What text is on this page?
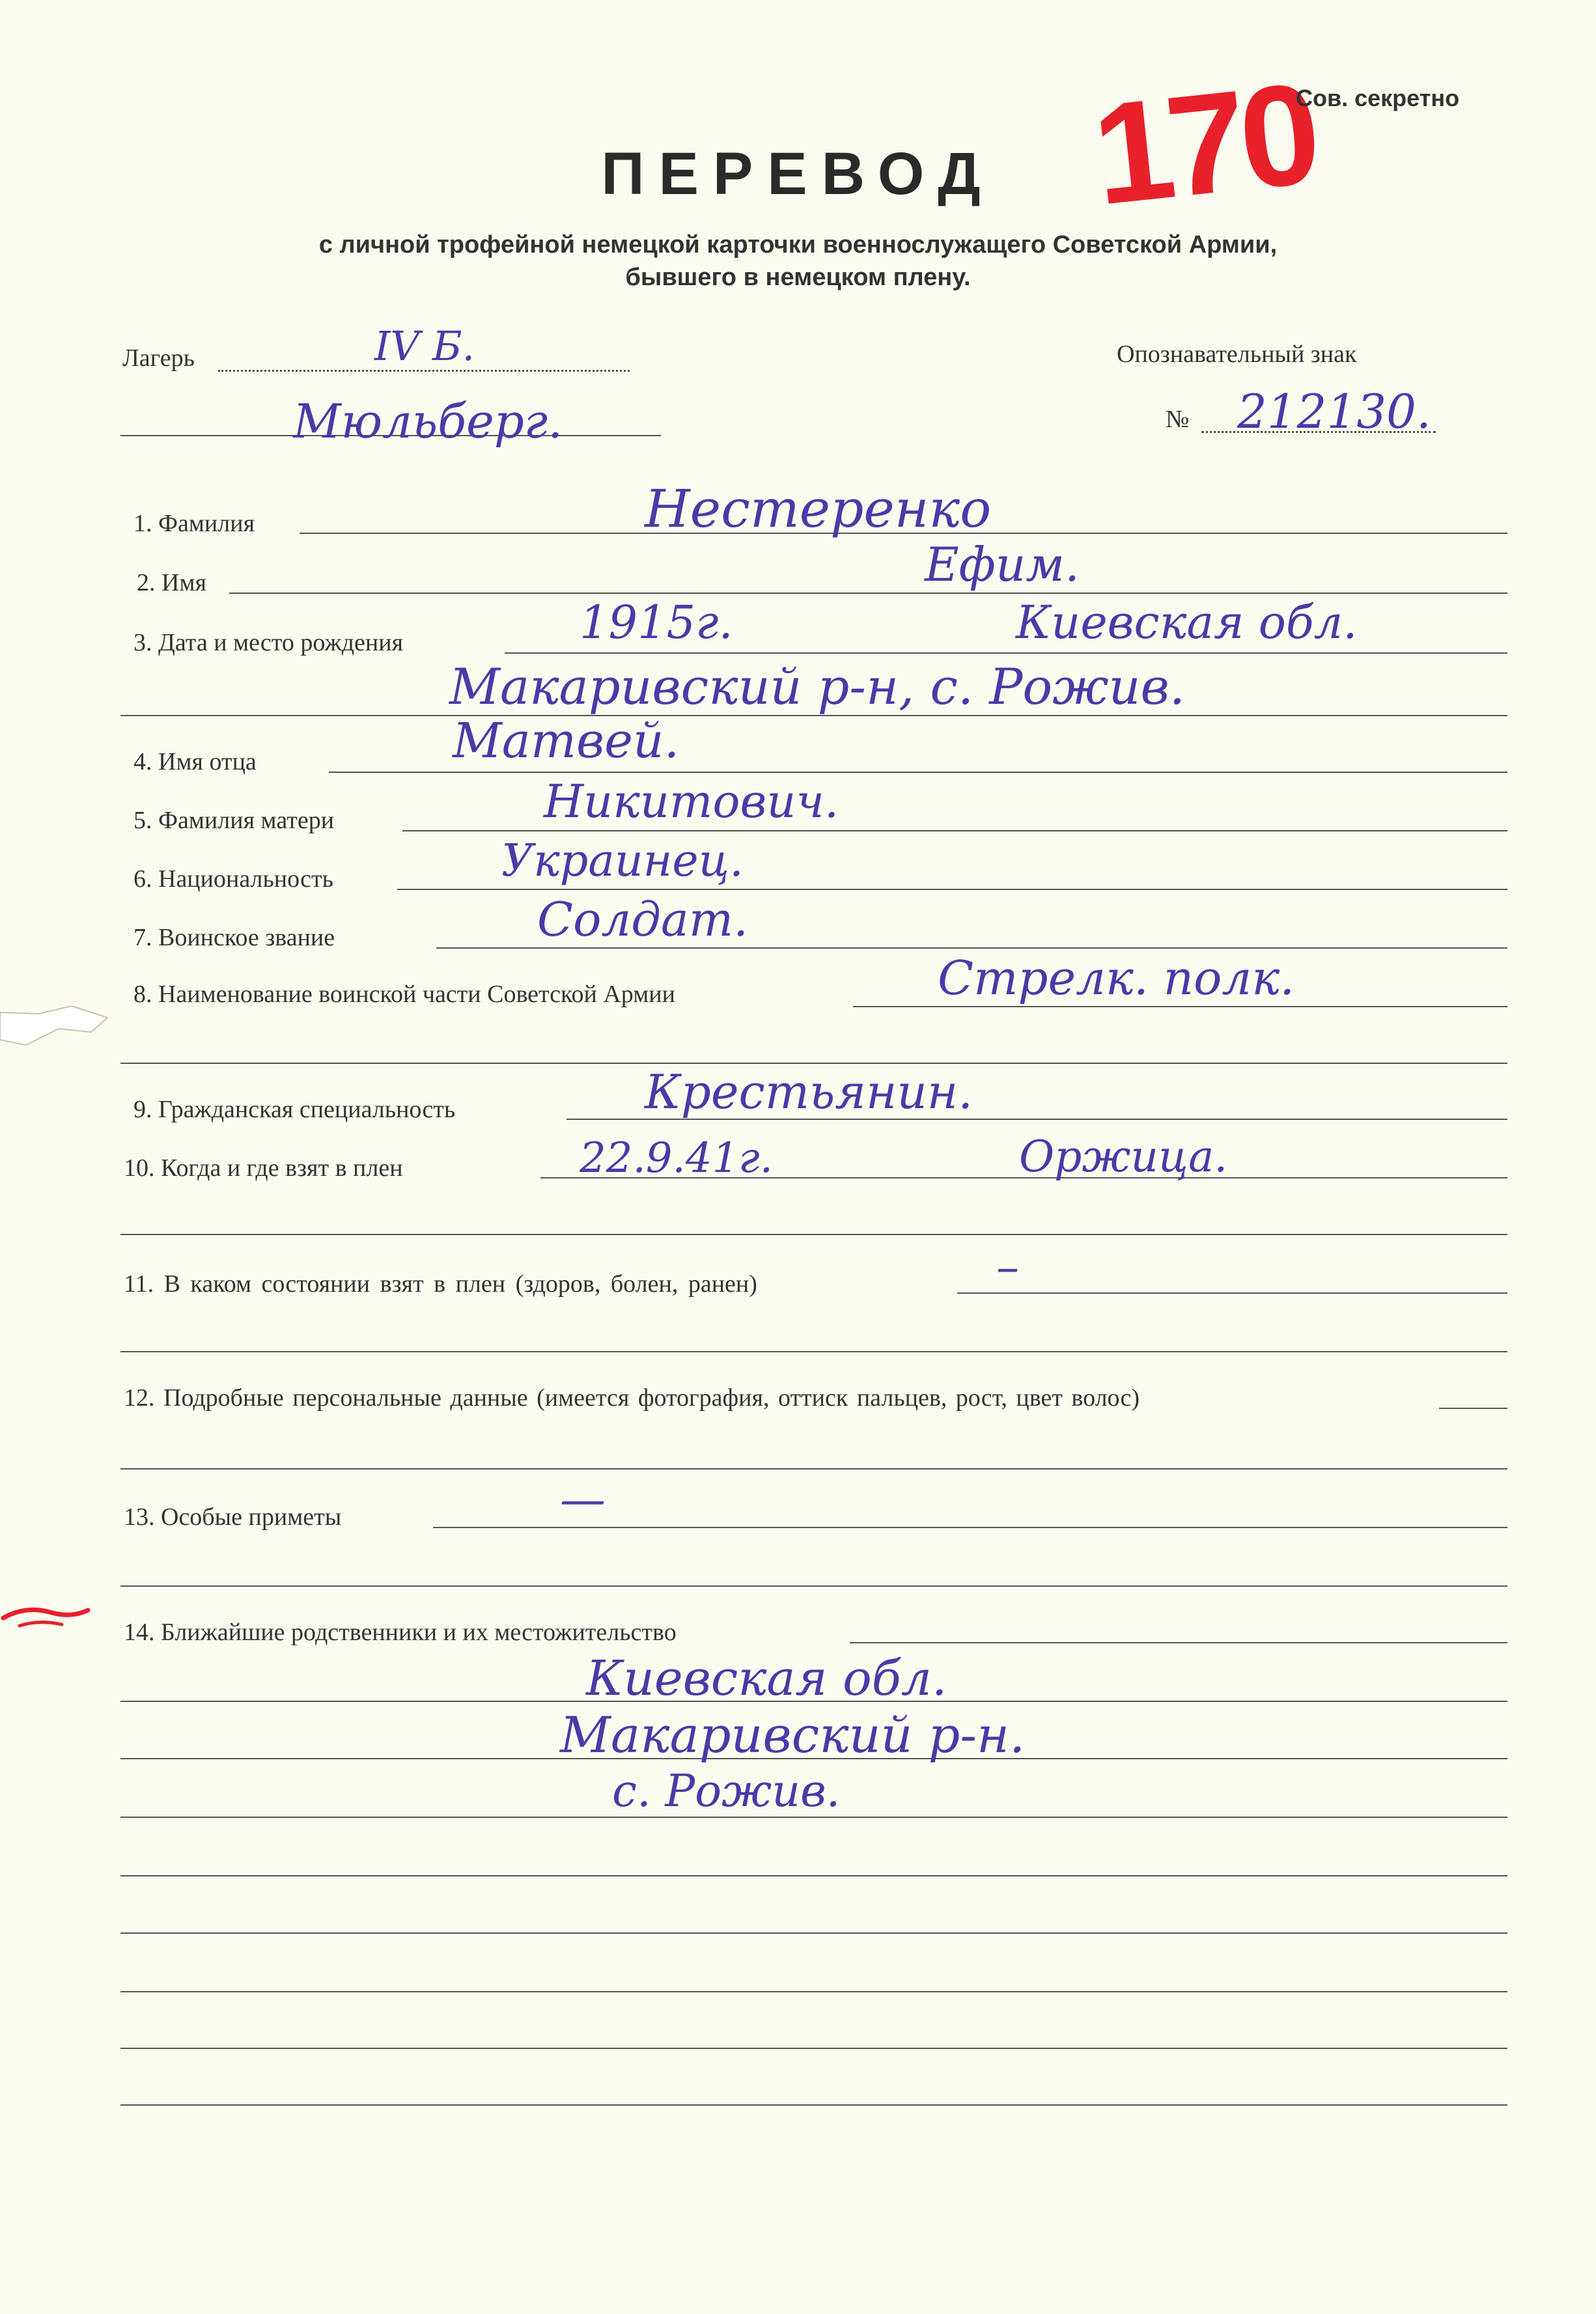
170
Сов. секретно
ПЕРЕВОД
с личной трофейной немецкой карточки военнослужащего Советской Армии,
бывшего в немецком плену.
Лагерь	IV Б.
Мюльберг.
Опознавательный знак
№ 212130.
1. Фамилия	Нестеренко
2. Имя	Ефим.
3. Дата и место рождения	1915г.	Киевская обл.
Макаривский р-н, с. Рожив.
4. Имя отца	Матвей.
5. Фамилия матери	Никитович.
6. Национальность	Украинец.
7. Воинское звание	Солдат.
8. Наименование воинской части Советской Армии	Стрелк. полк.
9. Гражданская специальность	Крестьянин.
10. Когда и где взят в плен	22.9.41г.	Оржица.
11. В каком состоянии взят в плен (здоров, болен, ранен)	–
12. Подробные персональные данные (имеется фотография, оттиск пальцев, рост, цвет волос)
13. Особые приметы	—
14. Ближайшие родственники и их местожительство
Киевская обл.
Макаривский р-н.
с. Рожив.
